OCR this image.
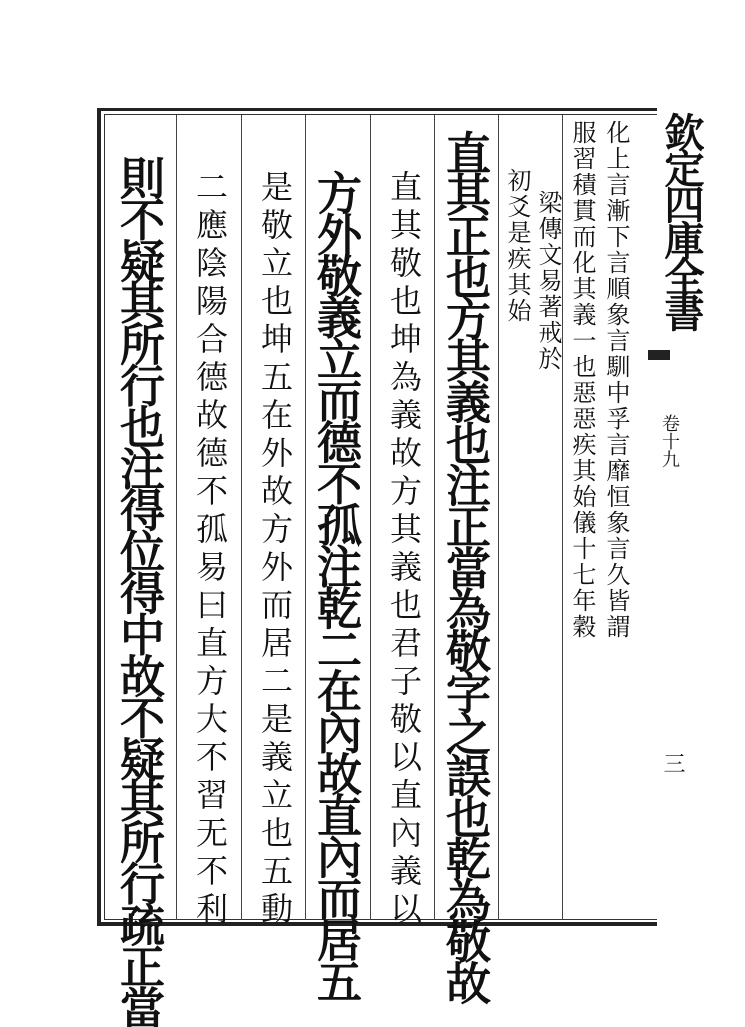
欽定四庫全書
卷十九
三
化上言漸下言順象言馴中孚言靡恒象言久皆謂
服習積貫而化其義一也惡惡疾其始儀十七年穀
梁傳文易著戒於
初爻是疾其始
直其正也方其義也注正當為敬字之誤也乾為敬故
直其敬也坤為義故方其義也君子敬以直內義以
方外敬義立而德不孤注乾二在內故直內而居五
是敬立也坤五在外故方外而居二是義立也五動
二應陰陽合德故德不孤易曰直方大不習无不利
則不疑其所行也注得位得中故不疑其所行疏正當
